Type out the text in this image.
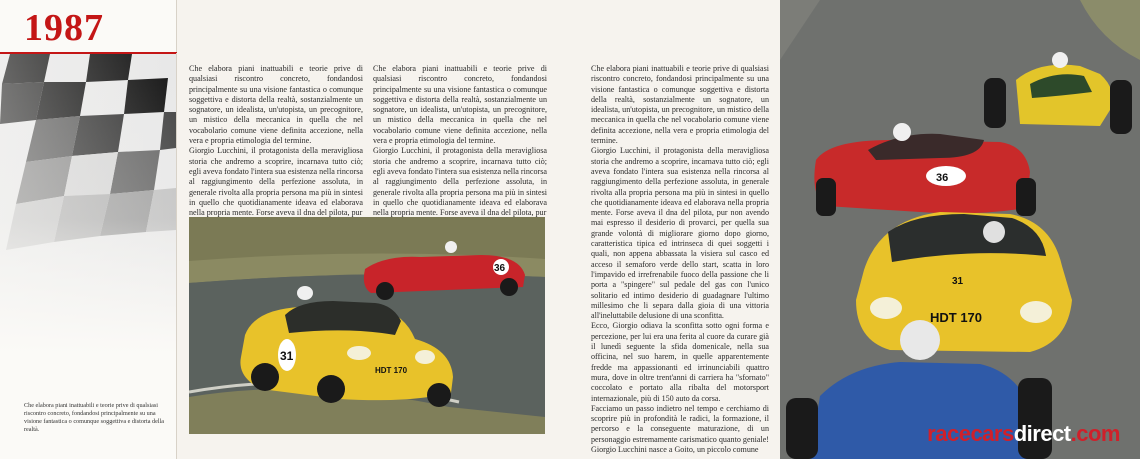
1987
Che elabora piani inattuabili e teorie prive di qualsiasi riscontro concreto, fondandosi principalmente su una visione fantastica o comunque soggettiva e distorta della realtà.

Che elabora piani inattuabili e teorie prive di qualsiasi riscontro concreto, fondandosi principalmente su una visione fantastica o comunque soggettiva e distorta della realtà, sostanzialmente un sognatore, un idealista, un'utopista, un precognitore, un mistico della meccanica in quella che nel vocabolario comune viene definita accezione, nella vera e propria etimologia del termine.

Giorgio Lucchini, il protagonista della meravigliosa storia che andremo a scoprire, incarnava tutto ciò; egli aveva fondato l'intera sua esistenza nella rincorsa al raggiungimento della perfezione assoluta, in generale rivolta alla propria persona ma più in sintesi in quello che quotidianamente ideava ed elaborava nella propria mente. Forse aveva il dna del pilota, pur

Che elabora piani inattuabili e teorie prive di qualsiasi riscontro concreto, fondandosi principalmente su una visione fantastica o comunque soggettiva e distorta della realtà, sostanzialmente un sognatore, un idealista, un'utopista, un precognitore, un mistico della meccanica in quella che nel vocabolario comune viene definita accezione, nella vera e propria etimologia del termine.

Giorgio Lucchini, il protagonista della meravigliosa storia che andremo a scoprire, incarnava tutto ciò; egli aveva fondato l'intera sua esistenza nella rincorsa al raggiungimento della perfezione assoluta, in generale rivolta alla propria persona ma più in sintesi in quello che quotidianamente ideava ed elaborava nella propria mente. Forse aveva il dna del pilota, pur

Che elabora piani inattuabili e teorie prive di qualsiasi riscontro concreto, fondandosi principalmente su una visione fantastica o comunque soggettiva e distorta della realtà, sostanzialmente un sognatore, un idealista, un'utopista, un precognitore, un mistico della meccanica in quella che nel vocabolario comune viene definita accezione, nella vera e propria etimologia del termine.

Giorgio Lucchini, il protagonista della meravigliosa storia che andremo a scoprire, incarnava tutto ciò; egli aveva fondato l'intera sua esistenza nella rincorsa al raggiungimento della perfezione assoluta, in generale rivolta alla propria persona ma più in sintesi in quello che quotidianamente ideava ed elaborava nella propria mente. Forse aveva il dna del pilota, pur non avendo mai espresso il desiderio di provarci, per quella sua grande volontà di migliorare giorno dopo giorno, caratteristica tipica ed intrinseca di quei soggetti i quali, non appena abbassata la visiera sul casco ed acceso il semaforo verde dello start, scatta in loro l'impavido ed irrefrenabile fuoco della passione che li porta a "spingere" sul pedale del gas con l'unico solitario ed intimo desiderio di guadagnare l'ultimo millesimo che li separa dalla gioia di una vittoria all'ineluttabile delusione di una sconfitta.

Ecco, Giorgio odiava la sconfitta sotto ogni forma e percezione, per lui era una ferita al cuore da curare già il lunedì seguente la sfida domenicale, nella sua officina, nel suo harem, in quelle apparentemente fredde ma appassionanti ed irrinunciabili quattro mura, dove in oltre trent'anni di carriera ha "sfornato" coccolato e portato alla ribalta del motorsport internazionale, più di 150 auto da corsa.

Facciamo un passo indietro nel tempo e cerchiamo di scoprire più in profondità le radici, la formazione, il percorso e la conseguente maturazione, di un personaggio estremamente carismatico quanto geniale!

Giorgio Lucchini nasce a Goito, un piccolo comune

36
31
HDT 170
36
HDT 170
31
racecarsdirect.com
